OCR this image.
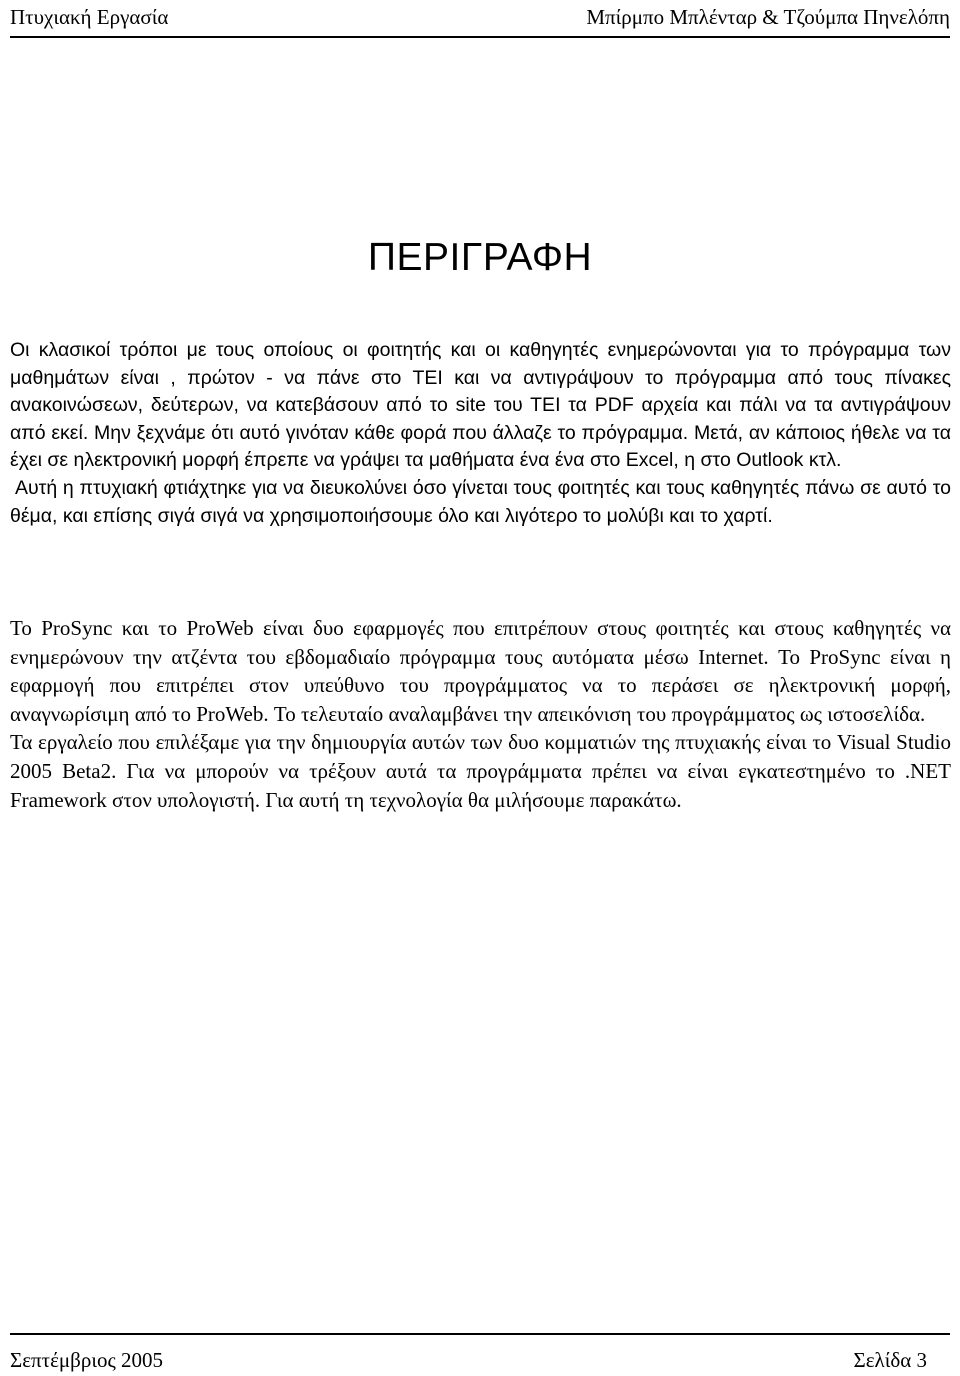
Πτυχιακή Εργασία	Μπίρμπο Μπλένταρ & Τζούμπα Πηνελόπη
ΠΕΡΙΓΡΑΦΗ

Οι κλασικοί τρόποι με τους οποίους οι φοιτητής και οι καθηγητές ενημερώνονται για το πρόγραμμα των μαθημάτων είναι , πρώτον - να πάνε στο ΤΕΙ και να αντιγράψουν το πρόγραμμα από τους πίνακες ανακοινώσεων, δεύτερων, να κατεβάσουν από το site του ΤΕΙ τα PDF αρχεία και πάλι να τα αντιγράψουν από εκεί. Μην ξεχνάμε ότι αυτό γινόταν κάθε φορά που άλλαζε το πρόγραμμα. Μετά, αν κάποιος ήθελε να τα έχει σε ηλεκτρονική μορφή έπρεπε να γράψει τα μαθήματα ένα ένα στο Excel, η στο Outlook κτλ.

Αυτή η πτυχιακή φτιάχτηκε για να διευκολύνει όσο γίνεται τους φοιτητές και τους καθηγητές πάνω σε αυτό το θέμα, και επίσης σιγά σιγά να χρησιμοποιήσουμε όλο και λιγότερο το μολύβι και το χαρτί.

Το ProSync και το ProWeb είναι δυο εφαρμογές που επιτρέπουν στους φοιτητές και στους καθηγητές να ενημερώνουν την ατζέντα του εβδομαδιαίο πρόγραμμα τους αυτόματα μέσω Internet. Το ProSync είναι η εφαρμογή που επιτρέπει στον υπεύθυνο του προγράμματος να το περάσει σε ηλεκτρονική μορφή, αναγνωρίσιμη από το ProWeb. Το τελευταίο αναλαμβάνει την απεικόνιση του προγράμματος ως ιστοσελίδα.

Τα εργαλείο που επιλέξαμε για την δημιουργία αυτών των δυο κομματιών της πτυχιακής είναι το Visual Studio 2005 Beta2. Για να μπορούν να τρέξουν αυτά τα προγράμματα πρέπει να είναι εγκατεστημένο το .NET Framework στον υπολογιστή. Για αυτή τη τεχνολογία θα μιλήσουμε παρακάτω.

Σεπτέμβριος 2005	Σελίδα 3
